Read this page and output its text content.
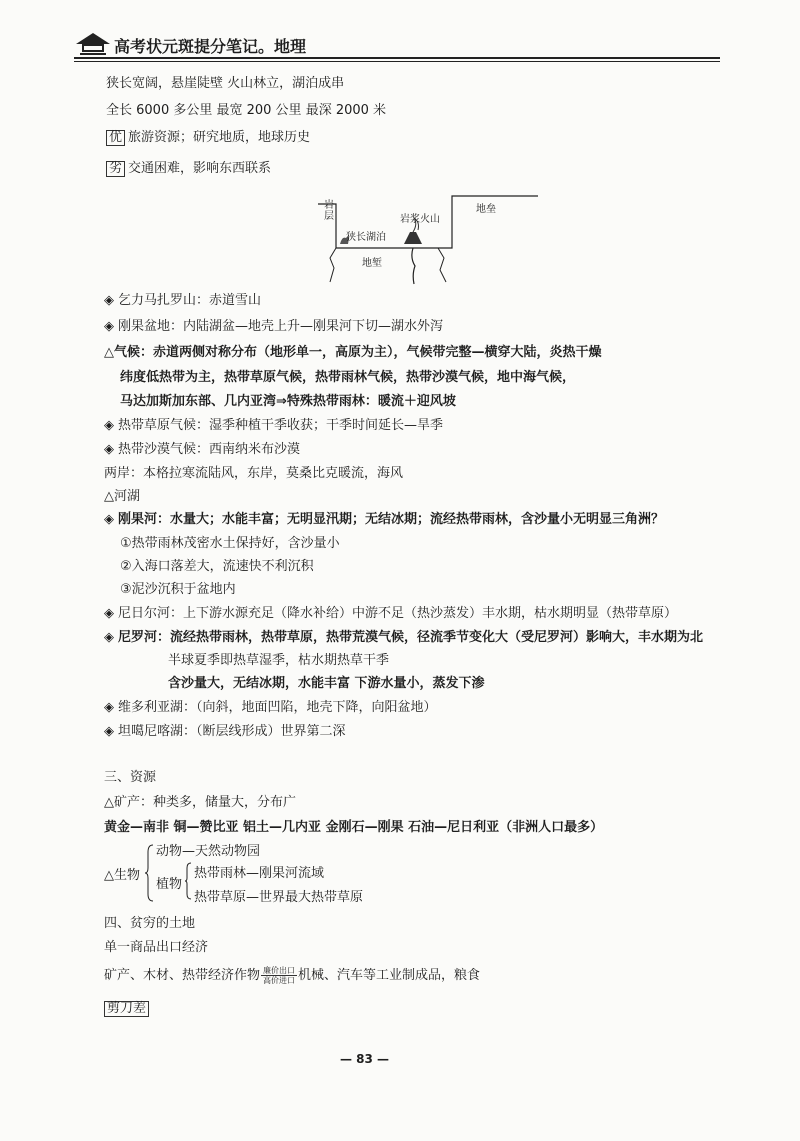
高考状元斑提分笔记。地理
狭长宽阔，悬崖陡壁 火山林立，湖泊成串
全长 6000 多公里 最宽 200 公里 最深 2000 米
优 旅游资源；研究地质，地球历史
劣 交通困难，影响东西联系
岩层
狭长湖泊
岩浆火山
地垒
地堑
◈ 乞力马扎罗山：赤道雪山
◈ 刚果盆地：内陆湖盆—地壳上升—刚果河下切—湖水外泻
△气候：赤道两侧对称分布（地形单一，高原为主），气候带完整—横穿大陆，炎热干燥
纬度低热带为主，热带草原气候，热带雨林气候，热带沙漠气候，地中海气候，
马达加斯加东部、几内亚湾⇒特殊热带雨林：暖流＋迎风坡
◈ 热带草原气候：湿季种植干季收获；干季时间延长—旱季
◈ 热带沙漠气候：西南纳米布沙漠
两岸：本格拉寒流陆风，东岸，莫桑比克暖流，海风
△河湖
◈ 刚果河：水量大；水能丰富；无明显汛期；无结冰期；流经热带雨林，含沙量小无明显三角洲？
①热带雨林茂密水土保持好，含沙量小
②入海口落差大，流速快不利沉积
③泥沙沉积于盆地内
◈ 尼日尔河：上下游水源充足（降水补给）中游不足（热沙蒸发）丰水期，枯水期明显（热带草原）
◈ 尼罗河：流经热带雨林，热带草原，热带荒漠气候，径流季节变化大（受尼罗河）影响大，丰水期为北
半球夏季即热草湿季，枯水期热草干季
含沙量大，无结冰期，水能丰富 下游水量小，蒸发下渗
◈ 维多利亚湖：（向斜，地面凹陷，地壳下降，向阳盆地）
◈ 坦噶尼喀湖：（断层线形成）世界第二深
三、资源
△矿产：种类多，储量大，分布广
黄金—南非 铜—赞比亚 铝土—几内亚 金刚石—刚果 石油—尼日利亚（非洲人口最多）
△生物
动物—天然动物园
植物
热带雨林—刚果河流域
热带草原—世界最大热带草原
四、贫穷的土地
单一商品出口经济
矿产、木材、热带经济作物 $\frac{\text{廉价出口}}{\text{高价进口}}$ 机械、汽车等工业制成品，粮食
剪刀差
— 83 —
